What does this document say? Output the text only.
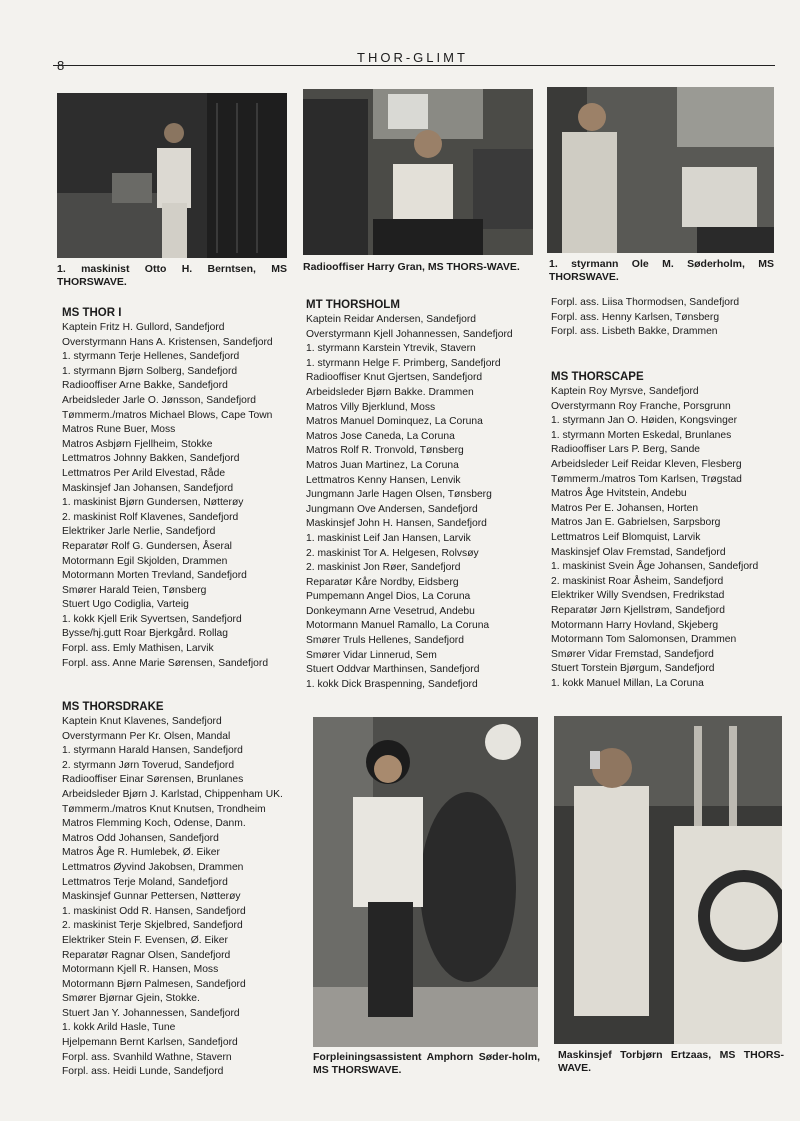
8
THOR-GLIMT
1. maskinist Otto H. Berntsen, MS THORSWAVE.
Radiooffiser Harry Gran, MS THORS-WAVE.	1. styrmann Ole M. Søderholm, MS THORSWAVE.
Forpleiningsassistent Amphorn Søder-holm, MS THORSWAVE.
Maskinsjef Torbjørn Ertzaas, MS THORS-WAVE.
MS THOR I
Kaptein Fritz H. Gullord, Sandefjord
Overstyrmann Hans A. Kristensen, Sandefjord
1. styrmann Terje Hellenes, Sandefjord
1. styrmann Bjørn Solberg, Sandefjord
Radiooffiser Arne Bakke, Sandefjord
Arbeidsleder Jarle O. Jønsson, Sandefjord
Tømmerm./matros Michael Blows, Cape Town
Matros Rune Buer, Moss
Matros Asbjørn Fjellheim, Stokke
Lettmatros Johnny Bakken, Sandefjord
Lettmatros Per Arild Elvestad, Råde
Maskinsjef Jan Johansen, Sandefjord
1. maskinist Bjørn Gundersen, Nøtterøy
2. maskinist Rolf Klavenes, Sandefjord
Elektriker Jarle Nerlie, Sandefjord
Reparatør Rolf G. Gundersen, Åseral
Motormann Egil Skjolden, Drammen
Motormann Morten Trevland, Sandefjord
Smører Harald Teien, Tønsberg
Stuert Ugo Codiglia, Varteig
1. kokk Kjell Erik Syvertsen, Sandefjord
Bysse/hj.gutt Roar Bjerkgård. Rollag
Forpl. ass. Emly Mathisen, Larvik
Forpl. ass. Anne Marie Sørensen, Sandefjord
MS THORSDRAKE
Kaptein Knut Klavenes, Sandefjord
Overstyrmann Per Kr. Olsen, Mandal
1. styrmann Harald Hansen, Sandefjord
2. styrmann Jørn Toverud, Sandefjord
Radiooffiser Einar Sørensen, Brunlanes
Arbeidsleder Bjørn J. Karlstad, Chippenham UK.
Tømmerm./matros Knut Knutsen, Trondheim
Matros Flemming Koch, Odense, Danm.
Matros Odd Johansen, Sandefjord
Matros Åge R. Humlebek, Ø. Eiker
Lettmatros Øyvind Jakobsen, Drammen
Lettmatros Terje Moland, Sandefjord
Maskinsjef Gunnar Pettersen, Nøtterøy
1. maskinist Odd R. Hansen, Sandefjord
2. maskinist Terje Skjelbred, Sandefjord
Elektriker Stein F. Evensen, Ø. Eiker
Reparatør Ragnar Olsen, Sandefjord
Motormann Kjell R. Hansen, Moss
Motormann Bjørn Palmesen, Sandefjord
Smører Bjørnar Gjein, Stokke.
Stuert Jan Y. Johannessen, Sandefjord
1. kokk Arild Hasle, Tune
Hjelpemann Bernt Karlsen, Sandefjord
Forpl. ass. Svanhild Wathne, Stavern
Forpl. ass. Heidi Lunde, Sandefjord
MT THORSHOLM
Kaptein Reidar Andersen, Sandefjord
Overstyrmann Kjell Johannessen, Sandefjord
1. styrmann Karstein Ytrevik, Stavern
1. styrmann Helge F. Primberg, Sandefjord
Radiooffiser Knut Gjertsen, Sandefjord
Arbeidsleder Bjørn Bakke. Drammen
Matros Villy Bjerklund, Moss
Matros Manuel Dominquez, La Coruna
Matros Jose Caneda, La Coruna
Matros Rolf R. Tronvold, Tønsberg
Matros Juan Martinez, La Coruna
Lettmatros Kenny Hansen, Lenvik
Jungmann Jarle Hagen Olsen, Tønsberg
Jungmann Ove Andersen, Sandefjord
Maskinsjef John H. Hansen, Sandefjord
1. maskinist Leif Jan Hansen, Larvik
2. maskinist Tor A. Helgesen, Rolvsøy
2. maskinist Jon Røer, Sandefjord
Reparatør Kåre Nordby, Eidsberg
Pumpemann Angel Dios, La Coruna
Donkeymann Arne Vesetrud, Andebu
Motormann Manuel Ramallo, La Coruna
Smører Truls Hellenes, Sandefjord
Smører Vidar Linnerud, Sem
Stuert Oddvar Marthinsen, Sandefjord
1. kokk Dick Braspenning, Sandefjord
Forpl. ass. Liisa Thormodsen, Sandefjord
Forpl. ass. Henny Karlsen, Tønsberg
Forpl. ass. Lisbeth Bakke, Drammen
MS THORSCAPE
Kaptein Roy Myrsve, Sandefjord
Overstyrmann Roy Franche, Porsgrunn
1. styrmann Jan O. Høiden, Kongsvinger
1. styrmann Morten Eskedal, Brunlanes
Radiooffiser Lars P. Berg, Sande
Arbeidsleder Leif Reidar Kleven, Flesberg
Tømmerm./matros Tom Karlsen, Trøgstad
Matros Åge Hvitstein, Andebu
Matros Per E. Johansen, Horten
Matros Jan E. Gabrielsen, Sarpsborg
Lettmatros Leif Blomquist, Larvik
Maskinsjef Olav Fremstad, Sandefjord
1. maskinist Svein Åge Johansen, Sandefjord
2. maskinist Roar Åsheim, Sandefjord
Elektriker Willy Svendsen, Fredrikstad
Reparatør Jørn Kjellstrøm, Sandefjord
Motormann Harry Hovland, Skjeberg
Motormann Tom Salomonsen, Drammen
Smører Vidar Fremstad, Sandefjord
Stuert Torstein Bjørgum, Sandefjord
1. kokk Manuel Millan, La Coruna
